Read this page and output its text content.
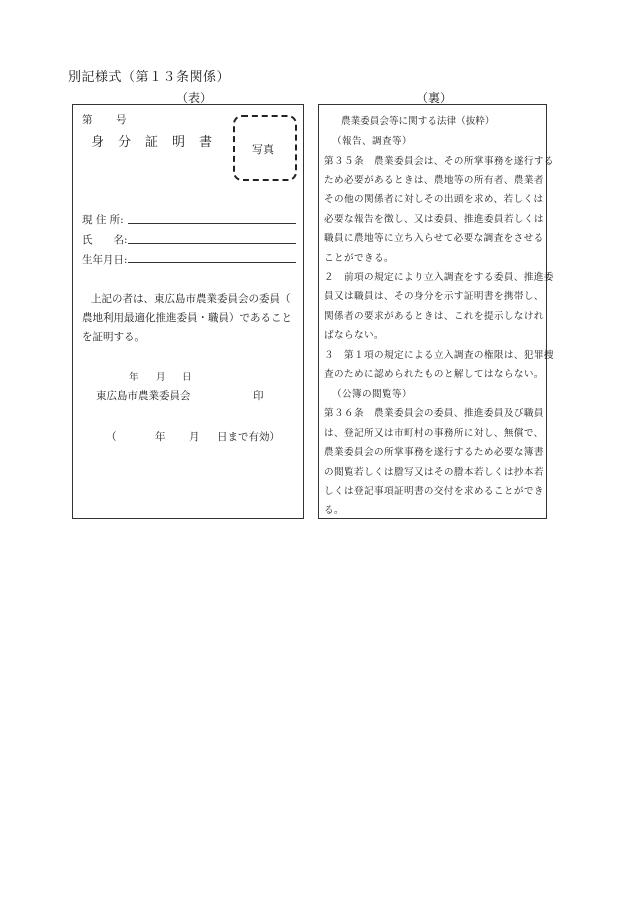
別記様式（第１３条関係）
（表）	（裏）
第 号
身分証明書 写真
現 住 所:
氏　　名:
生年月日:
上記の者は、東広島市農業委員会の委員（
農地利用最適化推進委員・職員）であること
を証明する。
年 月 日
東広島市農業委員会	印
（	年 月 日まで有効）
農業委員会等に関する法律（抜粋）
（報告、調査等）
第３５条　農業委員会は、その所掌事務を遂行する
ため必要があるときは、農地等の所有者、農業者
その他の関係者に対しその出頭を求め、若しくは
必要な報告を徴し、又は委員、推進委員若しくは
職員に農地等に立ち入らせて必要な調査をさせる
ことができる。
２　前項の規定により立入調査をする委員、推進委
員又は職員は、その身分を示す証明書を携帯し、
関係者の要求があるときは、これを提示しなけれ
ばならない。
３　第１項の規定による立入調査の権限は、犯罪捜
査のために認められたものと解してはならない。
（公簿の閲覧等）
第３６条　農業委員会の委員、推進委員及び職員
は、登記所又は市町村の事務所に対し、無償で、
農業委員会の所掌事務を遂行するため必要な簿書
の閲覧若しくは謄写又はその謄本若しくは抄本若
しくは登記事項証明書の交付を求めることができ
る。
